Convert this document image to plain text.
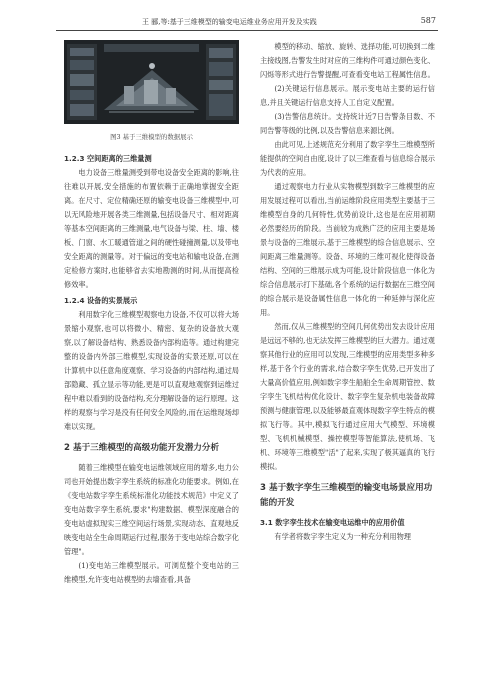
王 郦,等:基于三维模型的输变电运维业务应用开发及实践	587
图3 基于三维模型的数据展示
1.2.3 空间距离的三维量测

电力设备三维量测受到带电设备安全距离的影响,往往难以开展,安全措施的布置依赖于正确地掌握安全距离。在尺寸、定位精确还原的输变电设备三维模型中,可以无风险地开展各类三维测量,包括设备尺寸、相对距离等基本空间距离的三维测量,电气设备与梁、柱、墙、楼板、门窗、水工暖通管道之间的硬性碰撞测量,以及带电安全距离的测量等。对于偏远的变电站和输电设备,在测定检修方案时,也能够省去实地勘测的时间,从而提高检修效率。

1.2.4 设备的实景展示

利用数字化三维模型观察电力设备,不仅可以将大场景缩小观察,也可以将微小、精密、复杂的设备放大观察,以了解设备结构、熟悉设备内部构造等。通过构建完整的设备内外部三维模型,实现设备的实景还原,可以在计算机中以任意角度观察、学习设备的内部结构,通过局部隐藏、孤立显示等功能,更是可以直观地观察到运维过程中难以看到的设备结构,充分理解设备的运行原理。这样的观察与学习是没有任何安全风险的,而在运维现场却难以实现。

2 基于三维模型的高级功能开发潜力分析

随着三维模型在输变电运维领域应用的增多,电力公司也开始提出数字孪生系统的标准化功能要求。例如,在《变电站数字孪生系统标准化功能技术规范》中定义了变电站数字孪生系统,要求"构建数据、模型深度融合的变电站虚拟现实三维空间运行场景,实现动态、直观地反映变电站全生命周期运行过程,服务于变电站综合数字化管理"。

(1)变电站三维模型展示。可浏览整个变电站的三维模型,允许变电站模型的去墙查看,具备

模型的移动、缩放、旋转、选择功能,可切换到二维主接线图,告警发生时对应的三维构件可通过颜色变化、闪烁等形式进行告警提醒,可查看变电站工程属性信息。

(2)关键运行信息展示。展示变电站主要的运行信息,并且关键运行信息支持人工自定义配置。

(3)告警信息统计。支持统计近7日告警条目数、不同告警等级的比例,以及告警信息来源比例。

由此可见,上述规范充分利用了数字孪生三维模型所能提供的空间自由度,设计了以三维查看与信息综合展示为代表的应用。

通过观察电力行业从实物模型到数字三维模型的应用发展过程可以看出,当前运维阶段应用类型主要基于三维模型自身的几何特性,优势前设计,这也是在应用初期必然要经历的阶段。当前较为成熟广泛的应用主要是场景与设备的三维展示,基于三维模型的综合信息展示、空间距离三维量测等。设备、环境的三维可视化使得设备结构、空间的三维展示成为可能,设计阶段信息一体化为综合信息展示打下基础,各个系统的运行数据在三维空间的综合展示是设备属性信息一体化的一种延伸与深化应用。

然而,仅从三维模型的空间几何优势出发去设计应用是远远不够的,也无法发挥三维模型的巨大潜力。通过观察其他行业的应用可以发现,三维模型的应用类型多种多样,基于各个行业的需求,结合数字孪生优势,已开发出了大量高价值应用,例如数字孪生船舶全生命周期管控、数字孪生飞机结构优化设计、数字孪生复杂机电装备故障预测与健康管理,以及能够最直观体现数字孪生特点的模拟飞行等。其中,模拟飞行通过应用大气模型、环境模型、飞机机械模型、操控模型等智能算法,使机场、飞机、环境等三维模型"活"了起来,实现了极其逼真的飞行模拟。

3 基于数字孪生三维模型的输变电场景应用功能的开发
3.1 数字孪生技术在输变电运维中的应用价值

有学者将数字孪生定义为一种充分利用物理
